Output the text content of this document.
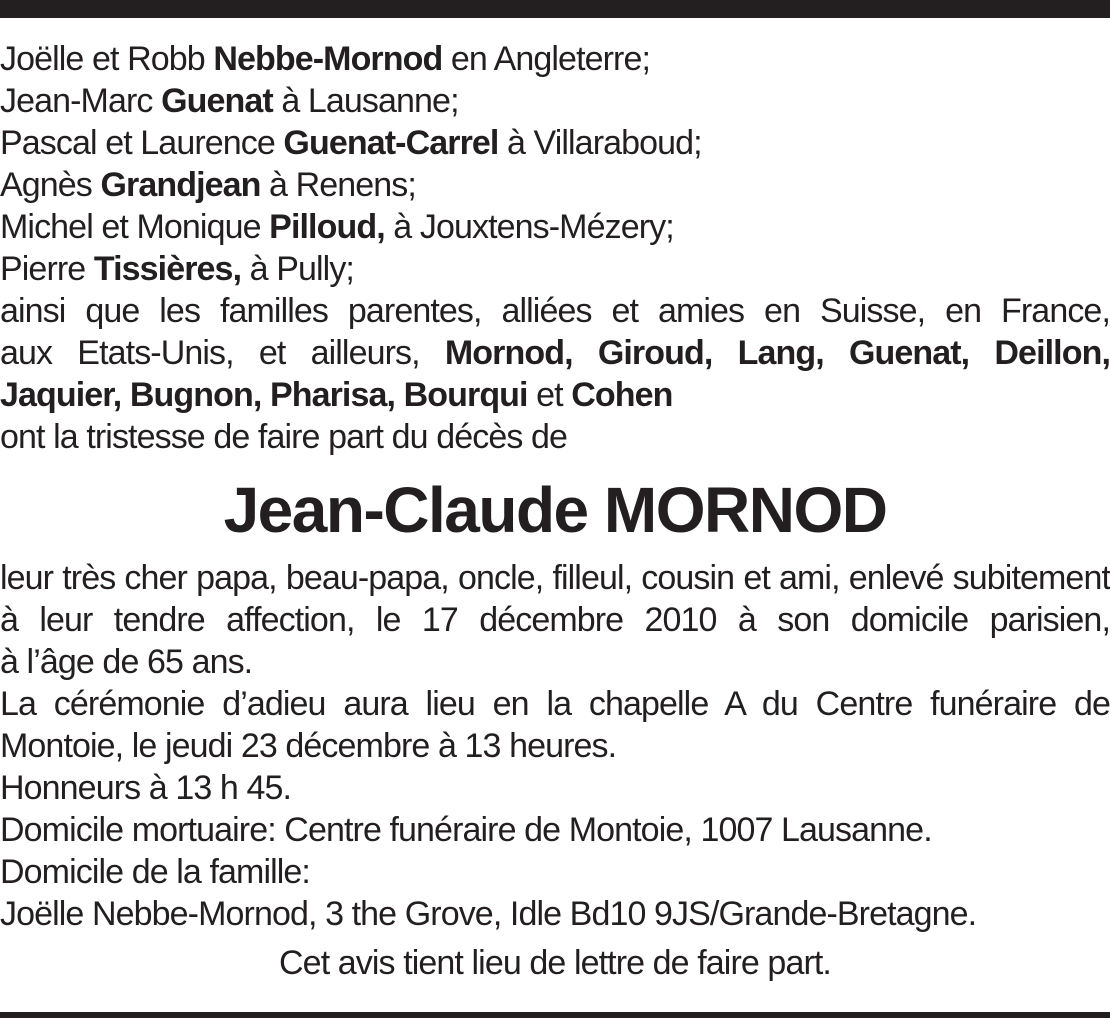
Joëlle et Robb Nebbe-Mornod en Angleterre;
Jean-Marc Guenat à Lausanne;
Pascal et Laurence Guenat-Carrel à Villaraboud;
Agnès Grandjean à Renens;
Michel et Monique Pilloud, à Jouxtens-Mézery;
Pierre Tissières, à Pully;
ainsi que les familles parentes, alliées et amies en Suisse, en France,
aux Etats-Unis, et ailleurs, Mornod, Giroud, Lang, Guenat, Deillon,
Jaquier, Bugnon, Pharisa, Bourqui et Cohen
ont la tristesse de faire part du décès de
Jean-Claude MORNOD
leur très cher papa, beau-papa, oncle, filleul, cousin et ami, enlevé subitement
à leur tendre affection, le 17 décembre 2010 à son domicile parisien,
à l’âge de 65 ans.
La cérémonie d’adieu aura lieu en la chapelle A du Centre funéraire de
Montoie, le jeudi 23 décembre à 13 heures.
Honneurs à 13 h 45.
Domicile mortuaire: Centre funéraire de Montoie, 1007 Lausanne.
Domicile de la famille:
Joëlle Nebbe-Mornod, 3 the Grove, Idle Bd10 9JS/Grande-Bretagne.
Cet avis tient lieu de lettre de faire part.
